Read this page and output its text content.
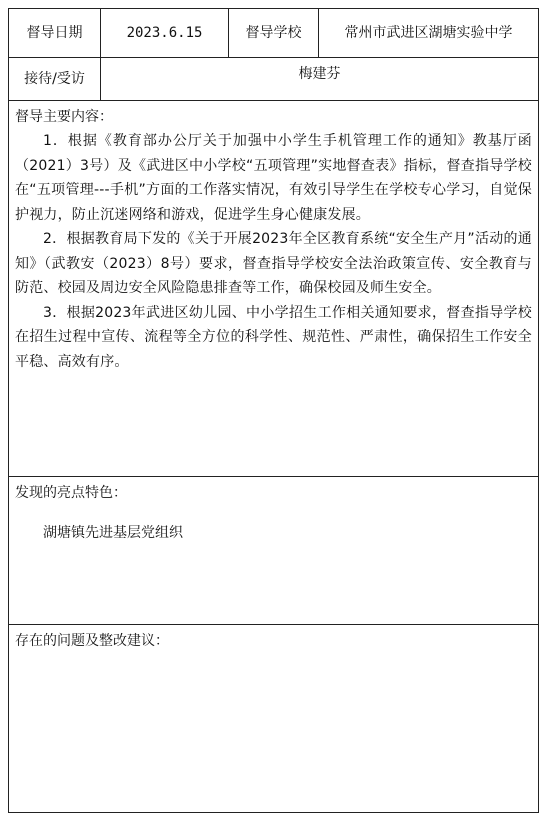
督导日期	2023.6.15	督导学校	常州市武进区湖塘实验中学
接待/受访	梅建芬		

督导主要内容：

1．根据《教育部办公厅关于加强中小学生手机管理工作的通知》教基厅函（2021）3号）及《武进区中小学校“五项管理”实地督查表》指标，督查指导学校在“五项管理---手机”方面的工作落实情况，有效引导学生在学校专心学习，自觉保护视力，防止沉迷网络和游戏，促进学生身心健康发展。

2．根据教育局下发的《关于开展2023年全区教育系统“安全生产月”活动的通知》（武教安（2023）8号）要求，督查指导学校安全法治政策宣传、安全教育与防范、校园及周边安全风险隐患排查等工作，确保校园及师生安全。

3．根据2023年武进区幼儿园、中小学招生工作相关通知要求，督查指导学校在招生过程中宣传、流程等全方位的科学性、规范性、严肃性，确保招生工作安全平稳、高效有序。			

发现的亮点特色：
湖塘镇先进基层党组织			

存在的问题及整改建议：			
